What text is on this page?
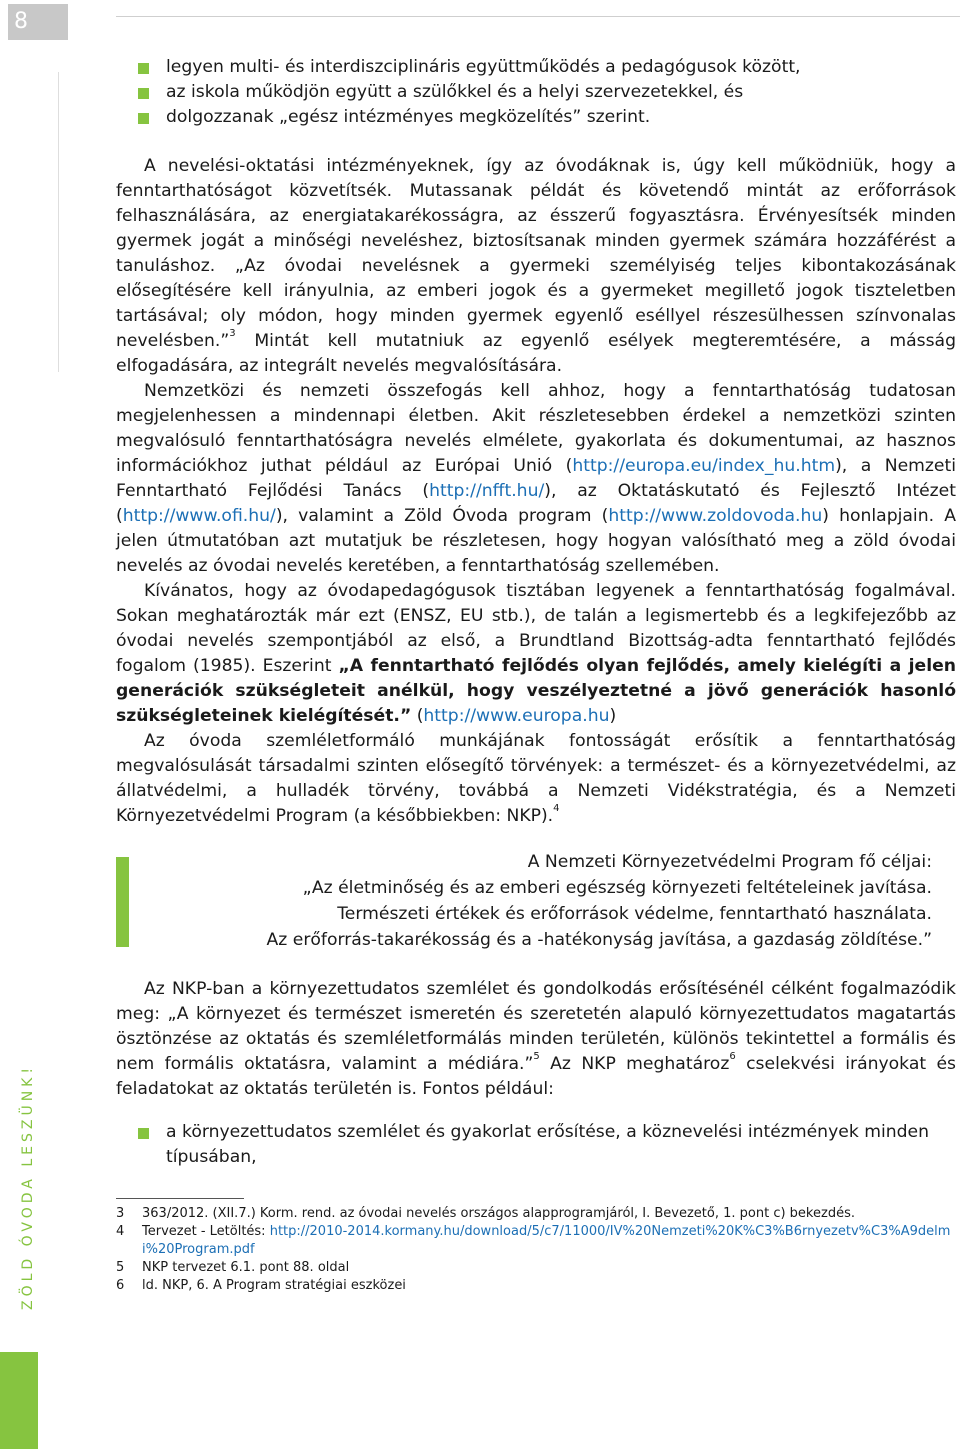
8
ZÖLD ÓVODA LESZÜNK!
legyen multi- és interdiszciplináris együttműködés a pedagógusok között,
az iskola működjön együtt a szülőkkel és a helyi szervezetekkel, és
dolgozzanak „egész intézményes megközelítés” szerint.

A nevelési-oktatási intézményeknek, így az óvodáknak is, úgy kell működniük, hogy a fenntarthatóságot közvetítsék. Mutassanak példát és követendő mintát az erőforrások felhasználására, az energiatakarékosságra, az ésszerű fogyasztásra. Érvényesítsék minden gyermek jogát a minőségi neveléshez, biztosítsanak minden gyermek számára hozzáférést a tanuláshoz. „Az óvodai nevelésnek a gyermeki személyiség teljes kibontakozásának elősegítésére kell irányulnia, az emberi jogok és a gyermeket megillető jogok tiszteletben tartásával; oly módon, hogy minden gyermek egyenlő eséllyel részesülhessen színvonalas nevelésben.”$^3$ Mintát kell mutatniuk az egyenlő esélyek megteremtésére, a másság elfogadására, az integrált nevelés megvalósítására.

Nemzetközi és nemzeti összefogás kell ahhoz, hogy a fenntarthatóság tudatosan megjelenhessen a mindennapi életben. Akit részletesebben érdekel a nemzetközi szinten megvalósuló fenntarthatóságra nevelés elmélete, gyakorlata és dokumentumai, az hasznos információkhoz juthat például az Európai Unió (http://europa.eu/index_hu.htm), a Nemzeti Fenntartható Fejlődési Tanács (http://nfft.hu/), az Oktatáskutató és Fejlesztő Intézet (http://www.ofi.hu/), valamint a Zöld Óvoda program (http://www.zoldovoda.hu) honlapjain. A jelen útmutatóban azt mutatjuk be részletesen, hogy hogyan valósítható meg a zöld óvodai nevelés az óvodai nevelés keretében, a fenntarthatóság szellemében.

Kívánatos, hogy az óvodapedagógusok tisztában legyenek a fenntarthatóság fogalmával. Sokan meghatározták már ezt (ENSZ, EU stb.), de talán a legismertebb és a legkifejezőbb az óvodai nevelés szempontjából az első, a Brundtland Bizottság-adta fenntartható fejlődés fogalom (1985). Eszerint „A fenntartható fejlődés olyan fejlődés, amely kielégíti a jelen generációk szükségleteit anélkül, hogy veszélyeztetné a jövő generációk hasonló szükségleteinek kielégítését.” (http://www.europa.hu)

Az óvoda szemléletformáló munkájának fontosságát erősítik a fenntarthatóság megvalósulását társadalmi szinten elősegítő törvények: a természet- és a környezetvédelmi, az állatvédelmi, a hulladék törvény, továbbá a Nemzeti Vidékstratégia, és a Nemzeti Környezetvédelmi Program (a későbbiekben: NKP).$^4$

A Nemzeti Környezetvédelmi Program fő céljai:
„Az életminőség és az emberi egészség környezeti feltételeinek javítása.
Természeti értékek és erőforrások védelme, fenntartható használata.
Az erőforrás-takarékosság és a -hatékonyság javítása, a gazdaság zöldítése.”

Az NKP-ban a környezettudatos szemlélet és gondolkodás erősítésénél célként fogalmazódik meg: „A környezet és természet ismeretén és szeretetén alapuló környezettudatos magatartás ösztönzése az oktatás és szemléletformálás minden területén, különös tekintettel a formális és nem formális oktatásra, valamint a médiára.”$^5$ Az NKP meghatároz$^6$ cselekvési irányokat és feladatokat az oktatás területén is. Fontos például:

a környezettudatos szemlélet és gyakorlat erősítése, a köznevelési intézmények minden típusában,
3	363/2012. (XII.7.) Korm. rend. az óvodai nevelés országos alapprogramjáról, I. Bevezető, 1. pont c) bekezdés.
4	Tervezet - Letöltés: http://2010-2014.kormany.hu/download/5/c7/11000/IV%20Nemzeti%20K%C3%B6rnyezetv%C3%A9delmi%20Program.pdf
5	NKP tervezet 6.1. pont 88. oldal
6	ld. NKP, 6. A Program stratégiai eszközei
